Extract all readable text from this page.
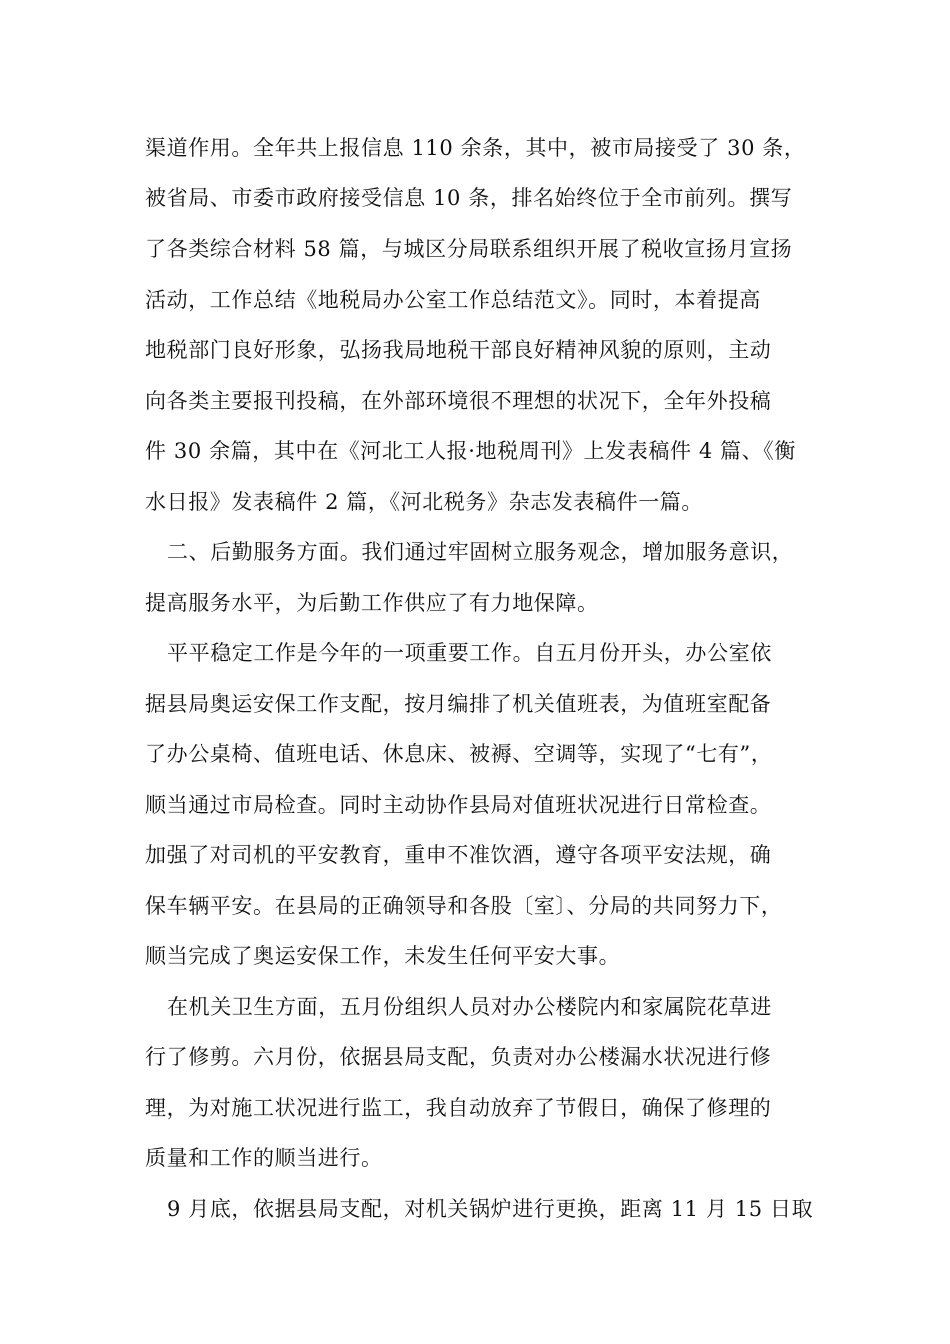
渠道作用。全年共上报信息 110 余条，其中，被市局接受了 30 条，
被省局、市委市政府接受信息 10 条，排名始终位于全市前列。撰写
了各类综合材料 58 篇，与城区分局联系组织开展了税收宣扬月宣扬
活动，工作总结《地税局办公室工作总结范文》。同时，本着提高
地税部门良好形象，弘扬我局地税干部良好精神风貌的原则，主动
向各类主要报刊投稿，在外部环境很不理想的状况下，全年外投稿
件 30 余篇，其中在《河北工人报·地税周刊》上发表稿件 4 篇、《衡
水日报》发表稿件 2 篇，《河北税务》杂志发表稿件一篇。
二、后勤服务方面。我们通过牢固树立服务观念，增加服务意识，
提高服务水平，为后勤工作供应了有力地保障。
平平稳定工作是今年的一项重要工作。自五月份开头，办公室依
据县局奥运安保工作支配，按月编排了机关值班表，为值班室配备
了办公桌椅、值班电话、休息床、被褥、空调等，实现了“七有”，
顺当通过市局检查。同时主动协作县局对值班状况进行日常检查。
加强了对司机的平安教育，重申不准饮酒，遵守各项平安法规，确
保车辆平安。在县局的正确领导和各股〔室〕、分局的共同努力下，
顺当完成了奥运安保工作，未发生任何平安大事。
在机关卫生方面，五月份组织人员对办公楼院内和家属院花草进
行了修剪。六月份，依据县局支配，负责对办公楼漏水状况进行修
理，为对施工状况进行监工，我自动放弃了节假日，确保了修理的
质量和工作的顺当进行。
9 月底，依据县局支配，对机关锅炉进行更换，距离 11 月 15 日取
